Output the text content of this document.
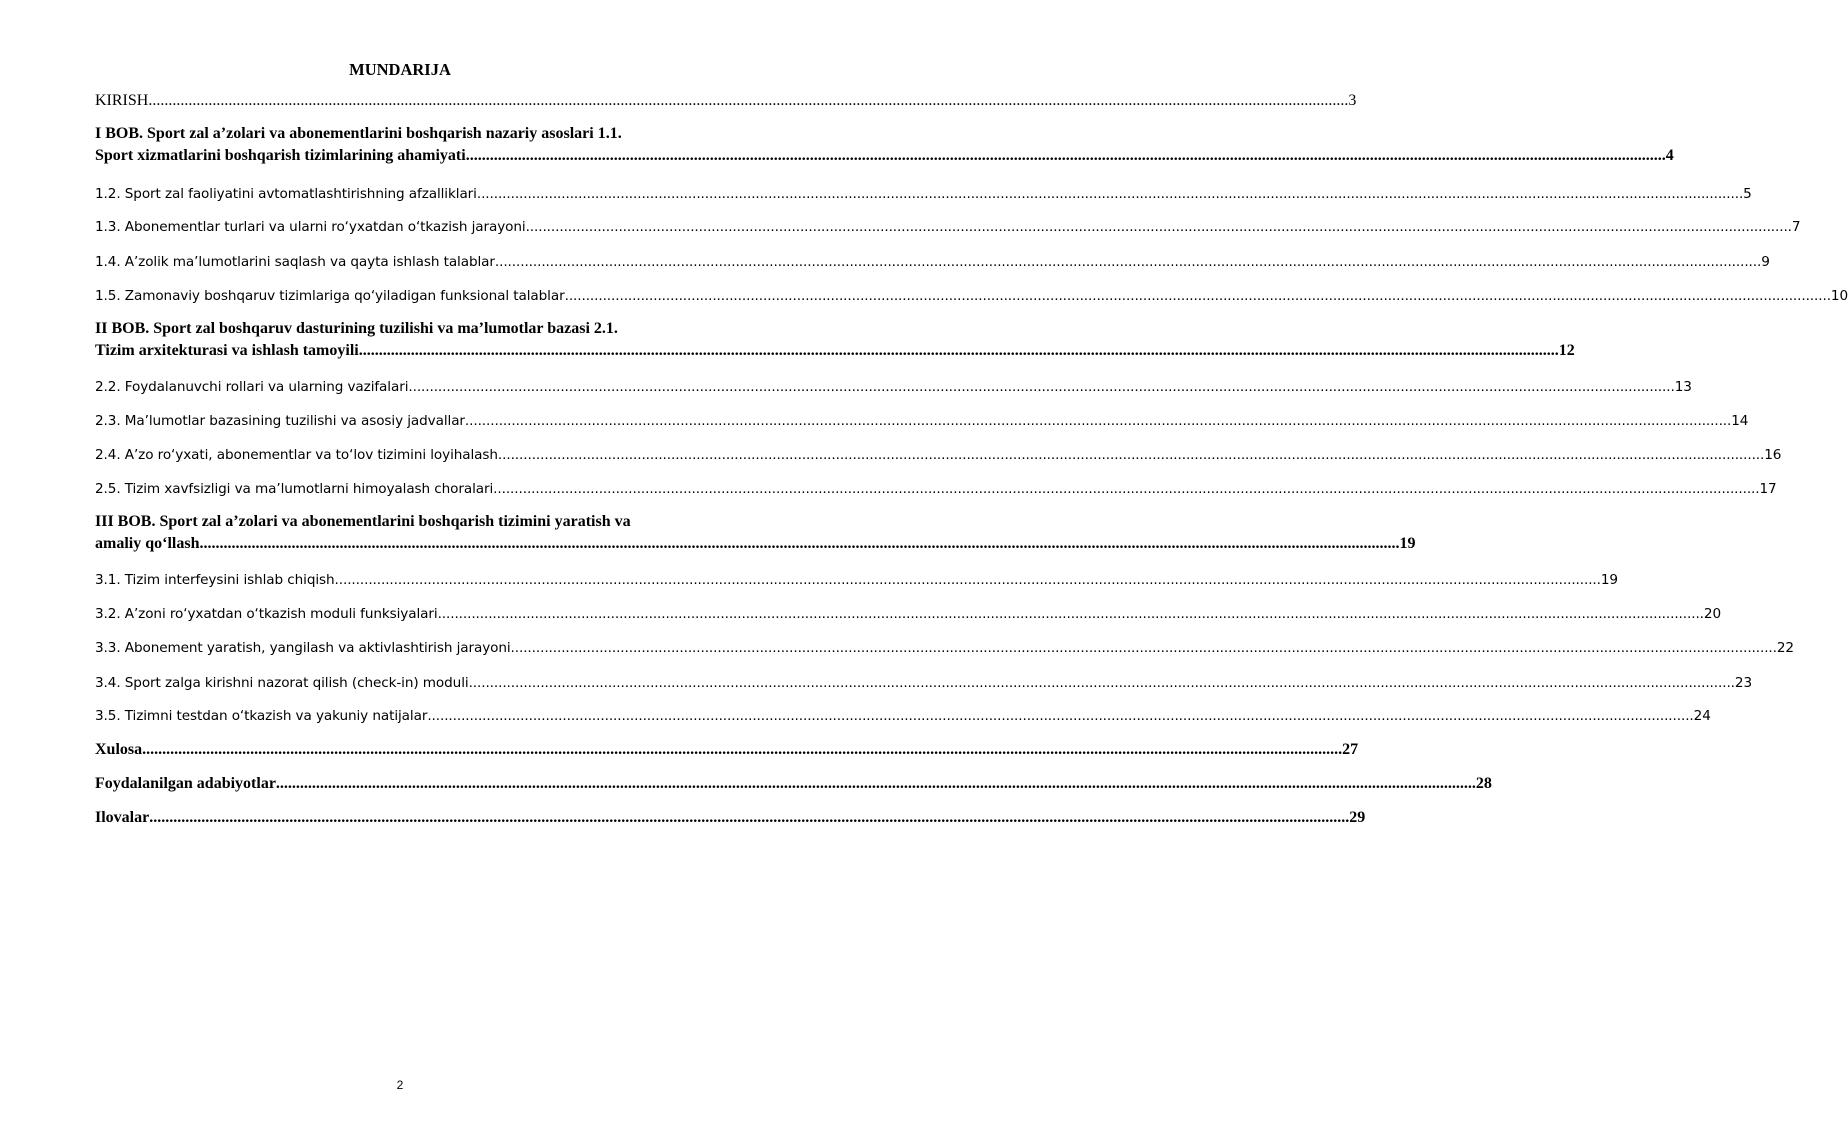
MUNDARIJA
KIRISH .....	3
I BOB. Sport zal a’zolari va abonementlarini boshqarish nazariy asoslari 1.1.
Sport xizmatlarini boshqarish tizimlarining ahamiyati .....	4
1.2. Sport zal faoliyatini avtomatlashtirishning afzalliklari .....	5
1.3. Abonementlar turlari va ularni ro‘yxatdan o‘tkazish jarayoni .....	7
1.4. A’zolik ma’lumotlarini saqlash va qayta ishlash talablar .....	9
1.5. Zamonaviy boshqaruv tizimlariga qo‘yiladigan funksional talablar .....	10
II BOB. Sport zal boshqaruv dasturining tuzilishi va ma’lumotlar bazasi 2.1.
Tizim arxitekturasi va ishlash tamoyili .....	12
2.2. Foydalanuvchi rollari va ularning vazifalari .....	13
2.3. Ma’lumotlar bazasining tuzilishi va asosiy jadvallar .....	14
2.4. A’zo ro‘yxati, abonementlar va to‘lov tizimini loyihalash .....	16
2.5. Tizim xavfsizligi va ma’lumotlarni himoyalash choralari .....	17
III BOB. Sport zal a’zolari va abonementlarini boshqarish tizimini yaratish va
amaliy qo‘llash .....	19
3.1. Tizim interfeysini ishlab chiqish .....	19
3.2. A’zoni ro‘yxatdan o‘tkazish moduli funksiyalari .....	20
3.3. Abonement yaratish, yangilash va aktivlashtirish jarayoni .....	22
3.4. Sport zalga kirishni nazorat qilish (check-in) moduli .....	23
3.5. Tizimni testdan o‘tkazish va yakuniy natijalar .....	24
Xulosa .....	27
Foydalanilgan adabiyotlar .....	28
Ilovalar .....	29
2
